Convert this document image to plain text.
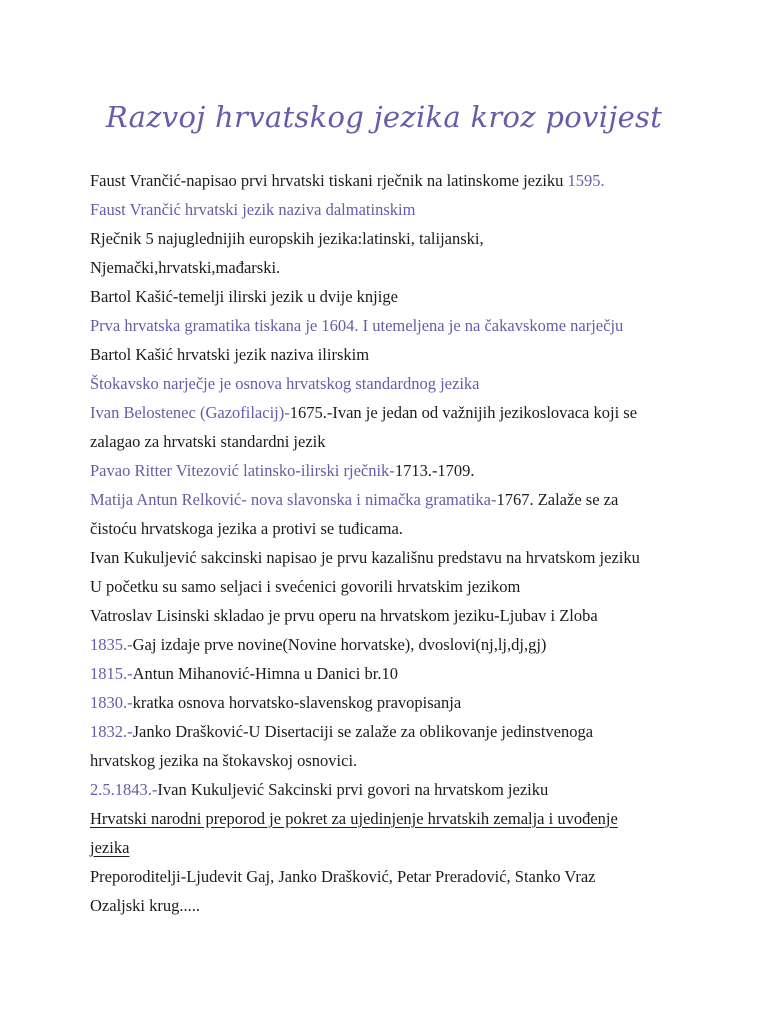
Razvoj hrvatskog jezika kroz povijest
Faust Vrančić-napisao prvi hrvatski tiskani rječnik na latinskome jeziku 1595.
Faust Vrančić hrvatski jezik naziva dalmatinskim
Rječnik 5 najuglednijih europskih jezika:latinski, talijanski,
Njemački,hrvatski,mađarski.
Bartol Kašić-temelji ilirski jezik u dvije knjige
Prva hrvatska gramatika tiskana je 1604. I utemeljena je na čakavskome narječju
Bartol Kašić hrvatski jezik naziva ilirskim
Štokavsko narječje je osnova hrvatskog standardnog jezika
Ivan Belostenec (Gazofilacij)-1675.-Ivan je jedan od važnijih jezikoslovaca koji se
zalagao za hrvatski standardni jezik
Pavao Ritter Vitezović latinsko-ilirski rječnik-1713.-1709.
Matija Antun Relković- nova slavonska i nimačka gramatika-1767. Zalaže se za
čistoću hrvatskoga jezika a protivi se tuđicama.
Ivan Kukuljević sakcinski napisao je prvu kazališnu predstavu na hrvatskom jeziku
U početku su samo seljaci i svećenici govorili hrvatskim jezikom
Vatroslav Lisinski skladao je prvu operu na hrvatskom jeziku-Ljubav i Zloba
1835.-Gaj izdaje prve novine(Novine horvatske), dvoslovi(nj,lj,dj,gj)
1815.-Antun Mihanović-Himna u Danici br.10
1830.-kratka osnova horvatsko-slavenskog pravopisanja
1832.-Janko Drašković-U Disertaciji se zalaže za oblikovanje jedinstvenoga
hrvatskog jezika na štokavskoj osnovici.
2.5.1843.-Ivan Kukuljević Sakcinski prvi govori na hrvatskom jeziku
Hrvatski narodni preporod je pokret za ujedinjenje hrvatskih zemalja i uvođenje
jezika
Preporoditelji-Ljudevit Gaj, Janko Drašković, Petar Preradović, Stanko Vraz
Ozaljski krug.....
